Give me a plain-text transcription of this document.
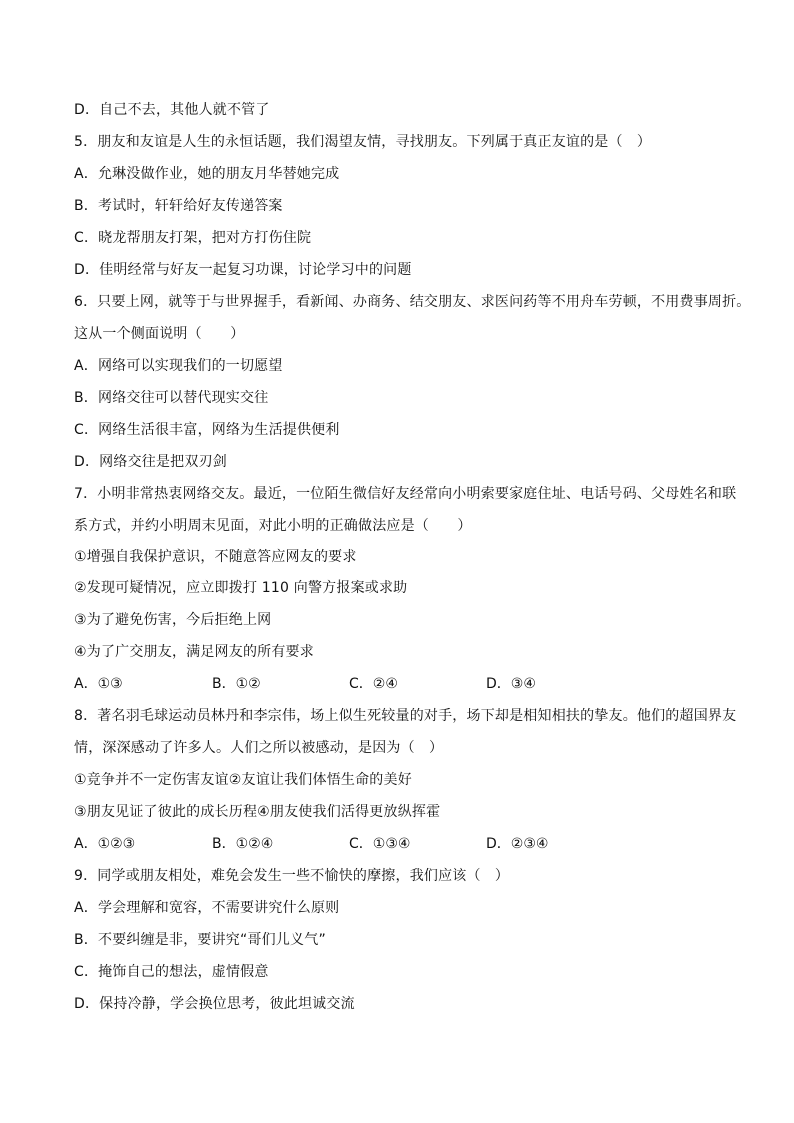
D．自己不去，其他人就不管了
5．朋友和友谊是人生的永恒话题，我们渴望友情，寻找朋友。下列属于真正友谊的是（　）
A．允琳没做作业，她的朋友月华替她完成
B．考试时，轩轩给好友传递答案
C．晓龙帮朋友打架，把对方打伤住院
D．佳明经常与好友一起复习功课，讨论学习中的问题
6．只要上网，就等于与世界握手，看新闻、办商务、结交朋友、求医问药等不用舟车劳顿，不用费事周折。
这从一个侧面说明（　　）
A．网络可以实现我们的一切愿望
B．网络交往可以替代现实交往
C．网络生活很丰富，网络为生活提供便利
D．网络交往是把双刃剑
7．小明非常热衷网络交友。最近，一位陌生微信好友经常向小明索要家庭住址、电话号码、父母姓名和联
系方式，并约小明周末见面，对此小明的正确做法应是（　　）
①增强自我保护意识，不随意答应网友的要求
②发现可疑情况，应立即拨打 110 向警方报案或求助
③为了避免伤害，今后拒绝上网
④为了广交朋友，满足网友的所有要求
A．①③	B．①②	C．②④	D．③④
8．著名羽毛球运动员林丹和李宗伟，场上似生死较量的对手，场下却是相知相扶的挚友。他们的超国界友
情，深深感动了许多人。人们之所以被感动，是因为（　）
①竞争并不一定伤害友谊②友谊让我们体悟生命的美好
③朋友见证了彼此的成长历程④朋友使我们活得更放纵挥霍
A．①②③	B．①②④	C．①③④	D．②③④
9．同学或朋友相处，难免会发生一些不愉快的摩擦，我们应该（　）
A．学会理解和宽容，不需要讲究什么原则
B．不要纠缠是非，要讲究“哥们儿义气”
C．掩饰自己的想法，虚情假意
D．保持冷静，学会换位思考，彼此坦诚交流
